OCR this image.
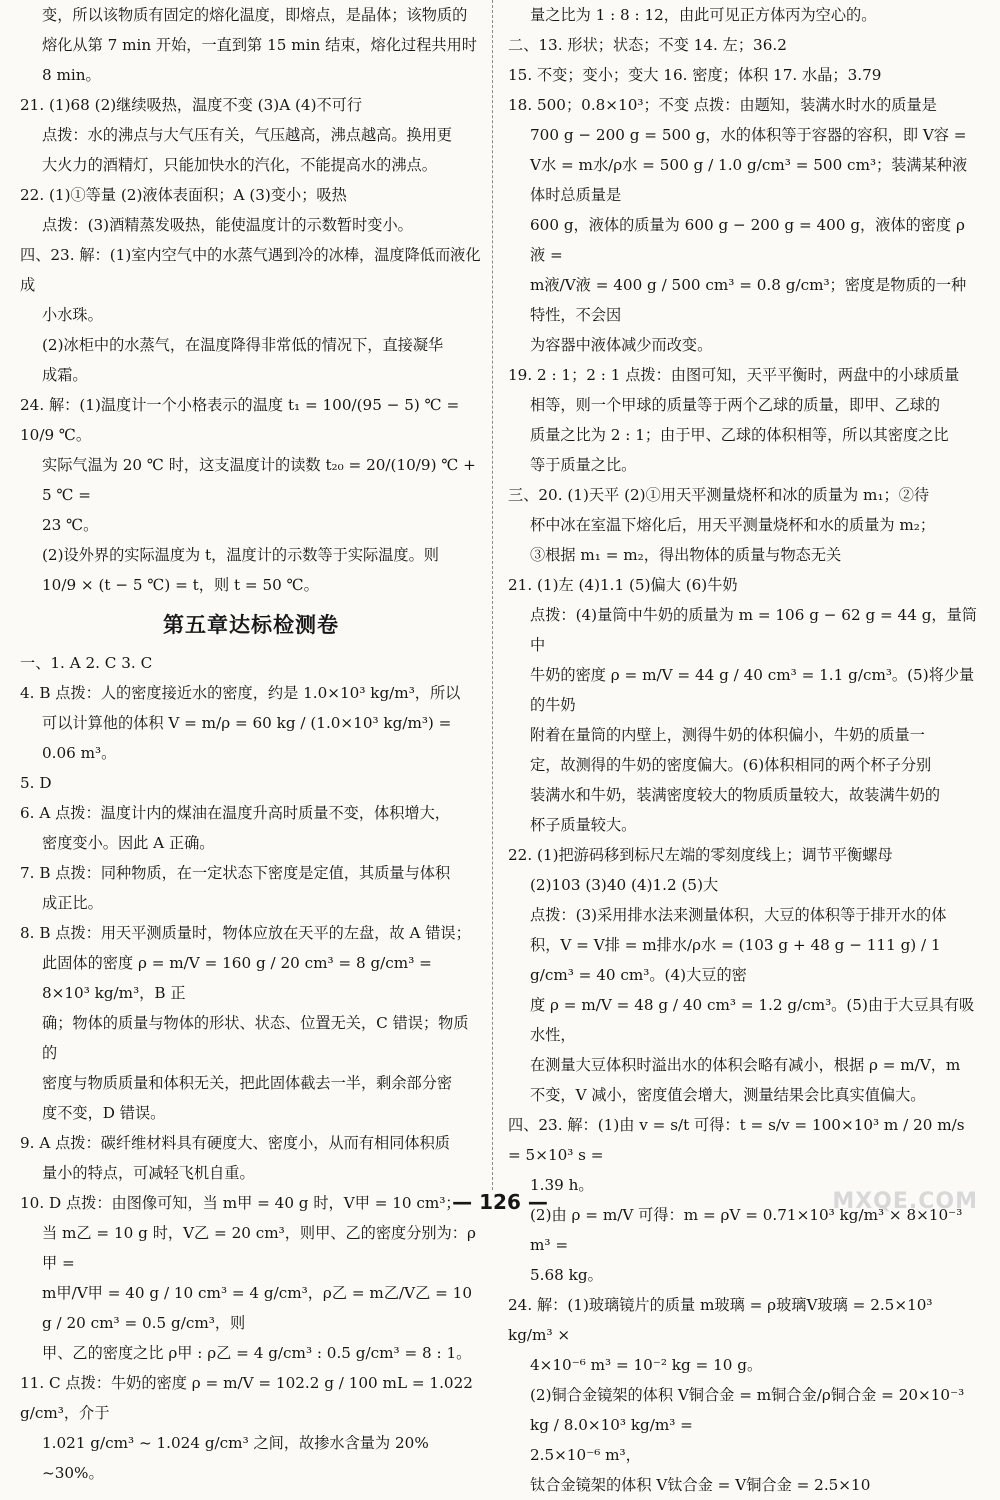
变，所以该物质有固定的熔化温度，即熔点，是晶体；该物质的

熔化从第 7 min 开始，一直到第 15 min 结束，熔化过程共用时

8 min。

21. (1)68 (2)继续吸热，温度不变 (3)A (4)不可行

点拨：水的沸点与大气压有关，气压越高，沸点越高。换用更

大火力的酒精灯，只能加快水的汽化，不能提高水的沸点。

22. (1)①等量 (2)液体表面积；A (3)变小；吸热

点拨：(3)酒精蒸发吸热，能使温度计的示数暂时变小。

四、23. 解：(1)室内空气中的水蒸气遇到冷的冰棒，温度降低而液化成

小水珠。

(2)冰柜中的水蒸气，在温度降得非常低的情况下，直接凝华

成霜。

24. 解：(1)温度计一个小格表示的温度 t₁ = 100/(95 − 5) ℃ = 10/9 ℃。

实际气温为 20 ℃ 时，这支温度计的读数 t₂₀ = 20/(10/9) ℃ + 5 ℃ =

23 ℃。

(2)设外界的实际温度为 t，温度计的示数等于实际温度。则

10/9 × (t − 5 ℃) = t，则 t = 50 ℃。

第五章达标检测卷

一、1. A 2. C 3. C

4. B 点拨：人的密度接近水的密度，约是 1.0×10³ kg/m³，所以

可以计算他的体积 V = m/ρ = 60 kg / (1.0×10³ kg/m³) = 0.06 m³。

5. D

6. A 点拨：温度计内的煤油在温度升高时质量不变，体积增大，

密度变小。因此 A 正确。

7. B 点拨：同种物质，在一定状态下密度是定值，其质量与体积

成正比。

8. B 点拨：用天平测质量时，物体应放在天平的左盘，故 A 错误；

此固体的密度 ρ = m/V = 160 g / 20 cm³ = 8 g/cm³ = 8×10³ kg/m³，B 正

确；物体的质量与物体的形状、状态、位置无关，C 错误；物质的

密度与物质质量和体积无关，把此固体截去一半，剩余部分密

度不变，D 错误。

9. A 点拨：碳纤维材料具有硬度大、密度小，从而有相同体积质

量小的特点，可减轻飞机自重。

10. D 点拨：由图像可知，当 m甲 = 40 g 时，V甲 = 10 cm³；

当 m乙 = 10 g 时，V乙 = 20 cm³，则甲、乙的密度分别为：ρ甲 =

m甲/V甲 = 40 g / 10 cm³ = 4 g/cm³，ρ乙 = m乙/V乙 = 10 g / 20 cm³ = 0.5 g/cm³，则

甲、乙的密度之比 ρ甲 : ρ乙 = 4 g/cm³ : 0.5 g/cm³ = 8 : 1。

11. C 点拨：牛奶的密度 ρ = m/V = 102.2 g / 100 mL = 1.022 g/cm³，介于

1.021 g/cm³ ~ 1.024 g/cm³ 之间，故掺水含量为 20% ~30%。

量之比为 1 : 8 : 12，由此可见正方体丙为空心的。

二、13. 形状；状态；不变 14. 左；36.2

15. 不变；变小；变大 16. 密度；体积 17. 水晶；3.79

18. 500；0.8×10³；不变 点拨：由题知，装满水时水的质量是

700 g − 200 g = 500 g，水的体积等于容器的容积，即 V容 =

V水 = m水/ρ水 = 500 g / 1.0 g/cm³ = 500 cm³；装满某种液体时总质量是

600 g，液体的质量为 600 g − 200 g = 400 g，液体的密度 ρ液 =

m液/V液 = 400 g / 500 cm³ = 0.8 g/cm³；密度是物质的一种特性，不会因

为容器中液体减少而改变。

19. 2 : 1；2 : 1 点拨：由图可知，天平平衡时，两盘中的小球质量

相等，则一个甲球的质量等于两个乙球的质量，即甲、乙球的

质量之比为 2 : 1；由于甲、乙球的体积相等，所以其密度之比

等于质量之比。

三、20. (1)天平 (2)①用天平测量烧杯和冰的质量为 m₁；②待

杯中冰在室温下熔化后，用天平测量烧杯和水的质量为 m₂；

③根据 m₁ = m₂，得出物体的质量与物态无关

21. (1)左 (4)1.1 (5)偏大 (6)牛奶

点拨：(4)量筒中牛奶的质量为 m = 106 g − 62 g = 44 g，量筒中

牛奶的密度 ρ = m/V = 44 g / 40 cm³ = 1.1 g/cm³。(5)将少量的牛奶

附着在量筒的内壁上，测得牛奶的体积偏小，牛奶的质量一

定，故测得的牛奶的密度偏大。(6)体积相同的两个杯子分别

装满水和牛奶，装满密度较大的物质质量较大，故装满牛奶的

杯子质量较大。

22. (1)把游码移到标尺左端的零刻度线上；调节平衡螺母

(2)103 (3)40 (4)1.2 (5)大

点拨：(3)采用排水法来测量体积，大豆的体积等于排开水的体

积，V = V排 = m排水/ρ水 = (103 g + 48 g − 111 g) / 1 g/cm³ = 40 cm³。(4)大豆的密

度 ρ = m/V = 48 g / 40 cm³ = 1.2 g/cm³。(5)由于大豆具有吸水性，

在测量大豆体积时溢出水的体积会略有减小，根据 ρ = m/V，m

不变，V 减小，密度值会增大，测量结果会比真实值偏大。

四、23. 解：(1)由 v = s/t 可得：t = s/v = 100×10³ m / 20 m/s = 5×10³ s =

1.39 h。

(2)由 ρ = m/V 可得：m = ρV = 0.71×10³ kg/m³ × 8×10⁻³ m³ =

5.68 kg。

24. 解：(1)玻璃镜片的质量 m玻璃 = ρ玻璃V玻璃 = 2.5×10³ kg/m³ ×

4×10⁻⁶ m³ = 10⁻² kg = 10 g。

(2)铜合金镜架的体积 V铜合金 = m铜合金/ρ铜合金 = 20×10⁻³ kg / 8.0×10³ kg/m³ =

2.5×10⁻⁶ m³，

钛合金镜架的体积 V钛合金 = V铜合金 = 2.5×10

— 126 —	MXQE.COM
